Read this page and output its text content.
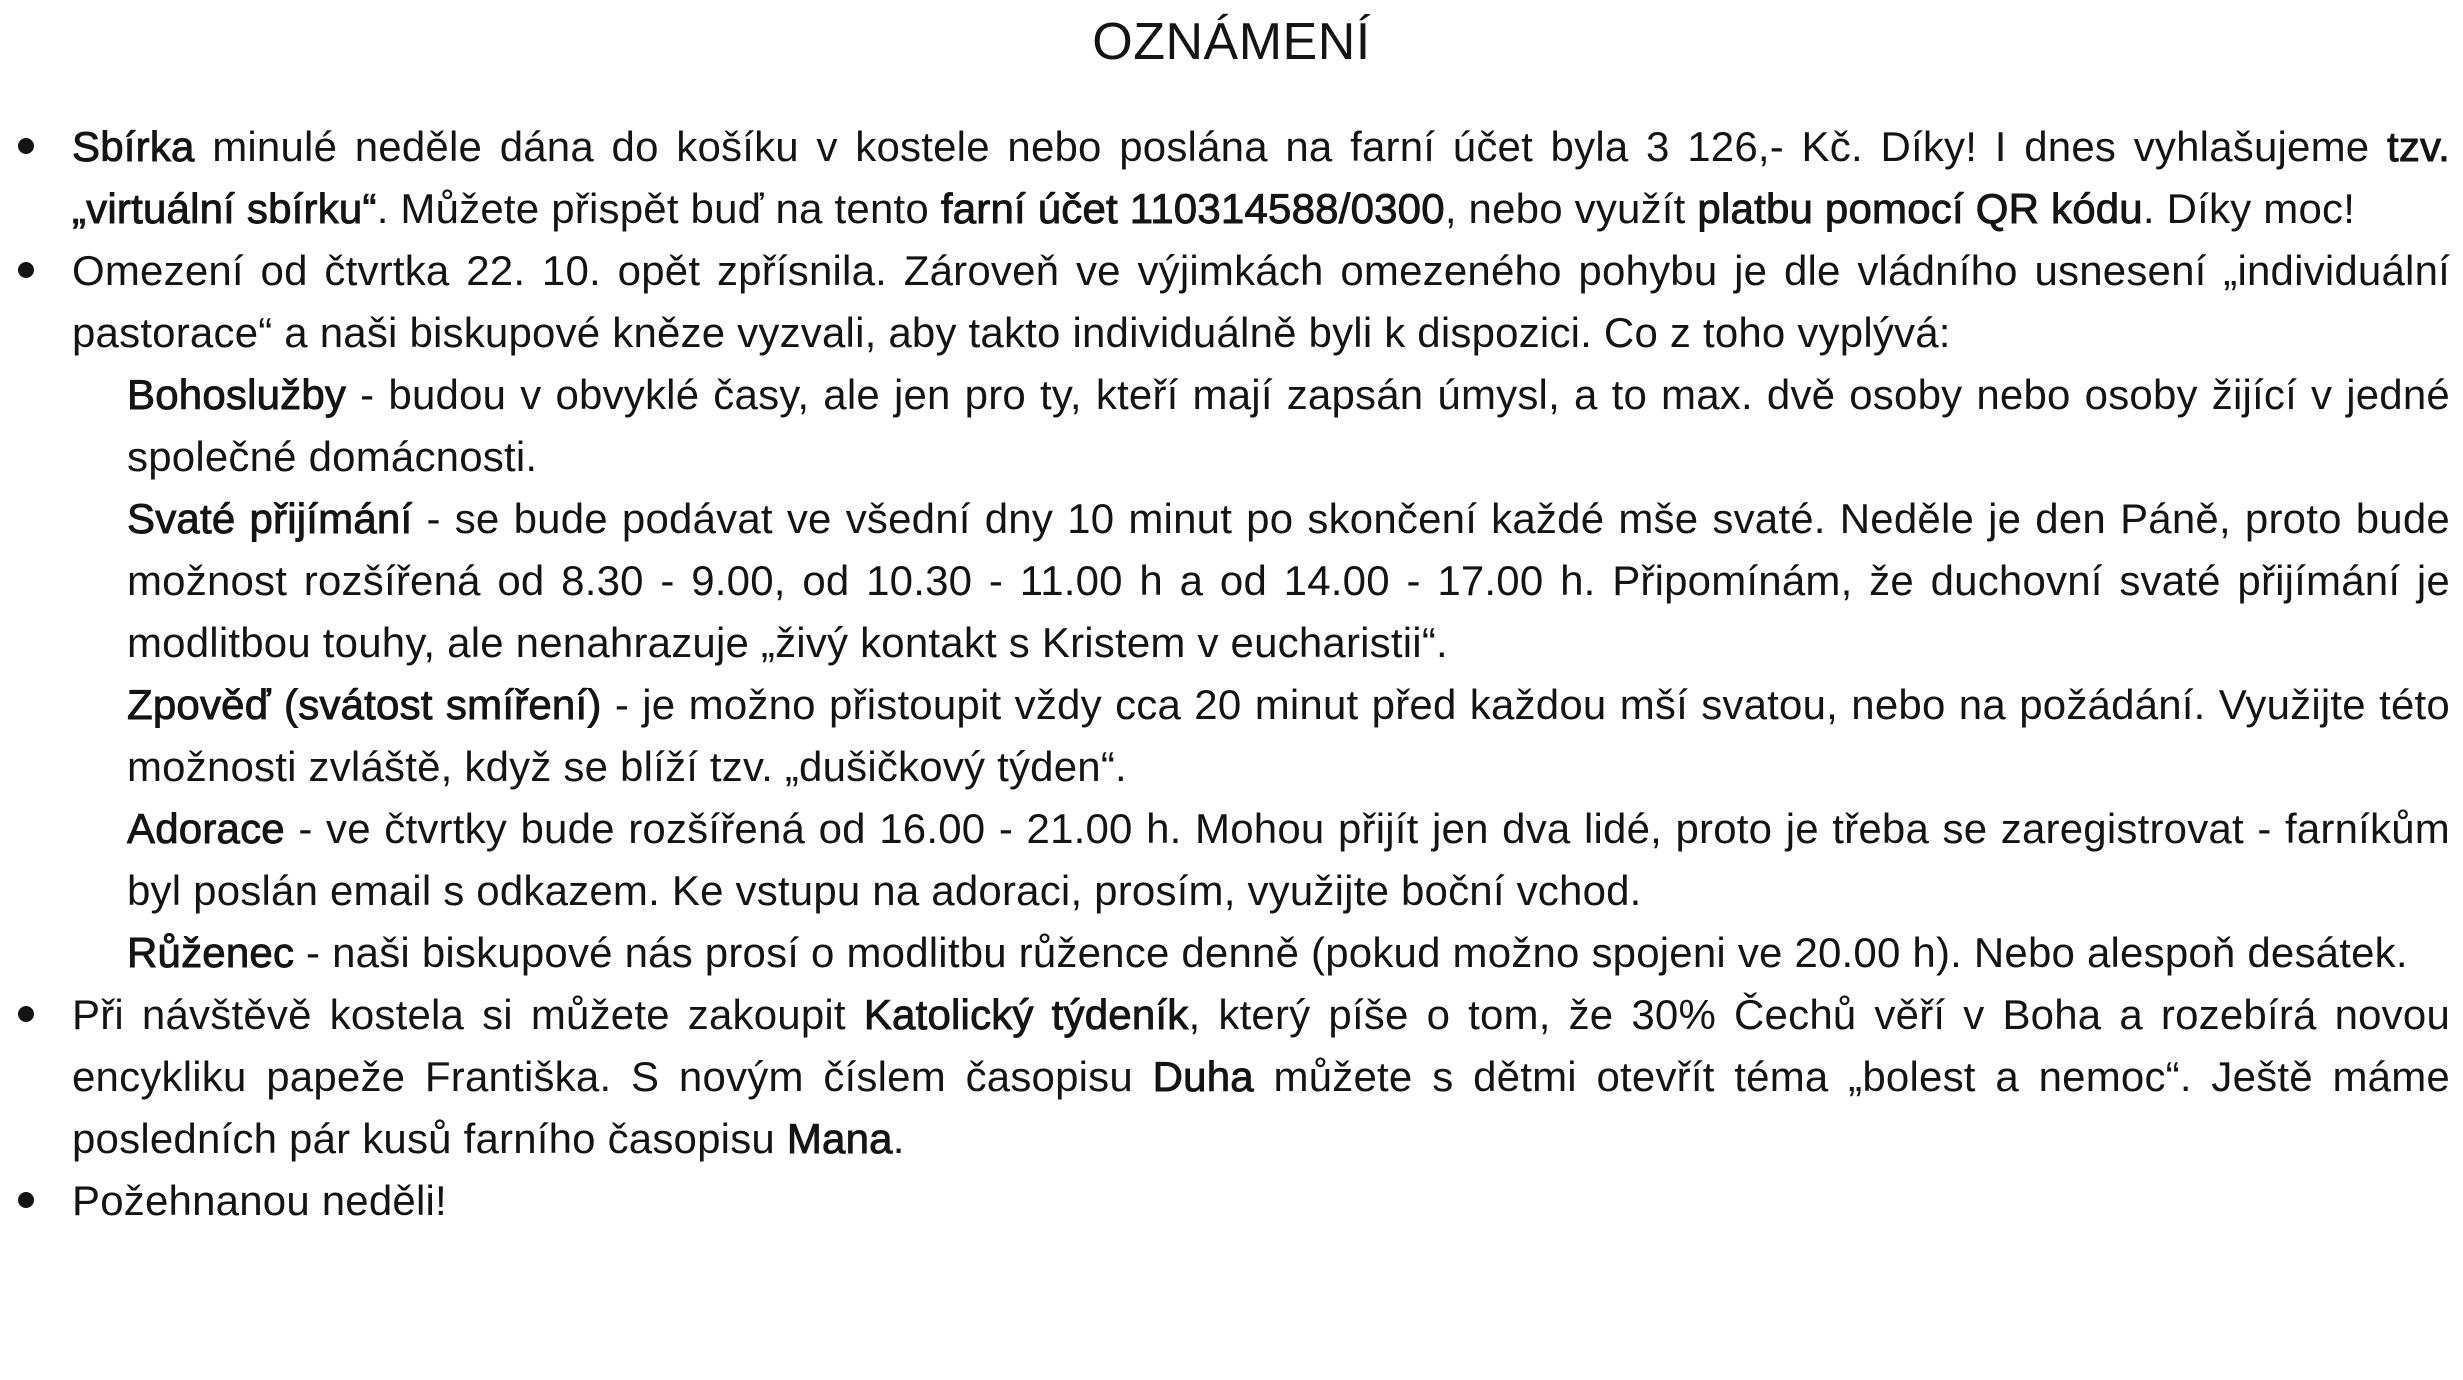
OZNÁMENÍ

Sbírka minulé neděle dána do košíku v kostele nebo poslána na farní účet byla 3 126,- Kč. Díky! I dnes vyhlašujeme tzv. „virtuální sbírku“. Můžete přispět buď na tento farní účet 110314588/0300, nebo využít platbu pomocí QR kódu. Díky moc!

Omezení od čtvrtka 22. 10. opět zpřísnila. Zároveň ve výjimkách omezeného pohybu je dle vládního usnesení „individuální pastorace“ a naši biskupové kněze vyzvali, aby takto individuálně byli k dispozici. Co z toho vyplývá:

Bohoslužby - budou v obvyklé časy, ale jen pro ty, kteří mají zapsán úmysl, a to max. dvě osoby nebo osoby žijící v jedné společné domácnosti.

Svaté přijímání - se bude podávat ve všední dny 10 minut po skončení každé mše svaté. Neděle je den Páně, proto bude možnost rozšířená od 8.30 - 9.00, od 10.30 - 11.00 h a od 14.00 - 17.00 h. Připomínám, že duchovní svaté přijímání je modlitbou touhy, ale nenahrazuje „živý kontakt s Kristem v eucharistii“.

Zpověď (svátost smíření) - je možno přistoupit vždy cca 20 minut před každou mší svatou, nebo na požádání. Využijte této možnosti zvláště, když se blíží tzv. „dušičkový týden“.

Adorace - ve čtvrtky bude rozšířená od 16.00 - 21.00 h. Mohou přijít jen dva lidé, proto je třeba se zaregistrovat - farníkům byl poslán email s odkazem. Ke vstupu na adoraci, prosím, využijte boční vchod.

Růženec - naši biskupové nás prosí o modlitbu růžence denně (pokud možno spojeni ve 20.00 h). Nebo alespoň desátek.

Při návštěvě kostela si můžete zakoupit Katolický týdeník, který píše o tom, že 30% Čechů věří v Boha a rozebírá novou encykliku papeže Františka. S novým číslem časopisu Duha můžete s dětmi otevřít téma „bolest a nemoc“. Ještě máme posledních pár kusů farního časopisu Mana.

Požehnanou neděli!
